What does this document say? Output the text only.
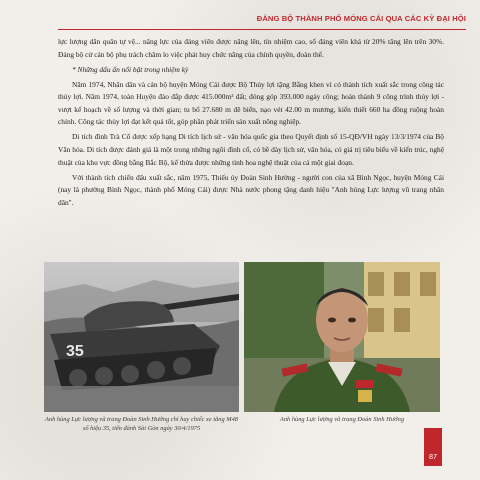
ĐẢNG BỘ THÀNH PHỐ MÓNG CÁI QUA CÁC KỲ ĐẠI HỘI

lực lượng dân quân tự vệ... nâng lực của đảng viên được nâng lên, tín nhiệm cao, số đảng viên khá từ 20% tăng lên trên 30%. Đảng bộ cử cán bộ phụ trách chăm lo việc phát huy chức năng của chính quyền, đoàn thể.

* Những dấu ấn nổi bật trong nhiệm kỳ

Năm 1974, Nhân dân và cán bộ huyện Móng Cái được Bộ Thủy lợi tặng Bằng khen vì có thành tích xuất sắc trong công tác thủy lợi. Năm 1974, toàn Huyện đào đắp được 415.000m³ đất; đóng góp 393.000 ngày công; hoàn thành 9 công trình thủy lợi - vượt kế hoạch về số lượng và thời gian; tu bổ 27.680 m đê biển, nạo vét 42.00 m mương, kiến thiết 660 ha đồng ruộng hoàn chỉnh. Công tác thủy lợi đạt kết quả tốt, góp phần phát triển sản xuất nông nghiệp.

Di tích đình Trà Cổ được xếp hạng Di tích lịch sử - văn hóa quốc gia theo Quyết định số 15-QĐ/VH ngày 13/3/1974 của Bộ Văn hóa. Di tích được đánh giá là một trong những ngôi đình cổ, có bề dày lịch sử, văn hóa, có giá trị tiêu biểu về kiến trúc, nghệ thuật của khu vực đồng bằng Bắc Bộ, kế thừa được những tinh hoa nghệ thuật của cả một giai đoạn.

Với thành tích chiến đấu xuất sắc, năm 1975, Thiếu úy Đoàn Sinh Hưởng - người con của xã Bình Ngọc, huyện Móng Cái (nay là phường Bình Ngọc, thành phố Móng Cái) được Nhà nước phong tặng danh hiệu "Anh hùng Lực lượng vũ trang nhân dân".

35
Anh hùng Lực lượng vũ trang Đoàn Sinh Hưởng chỉ huy chiếc xe tăng M48 số hiệu 35, tiến đánh Sài Gòn ngày 30/4/1975
Anh hùng Lực lượng vũ trang Đoàn Sinh Hưởng
87
